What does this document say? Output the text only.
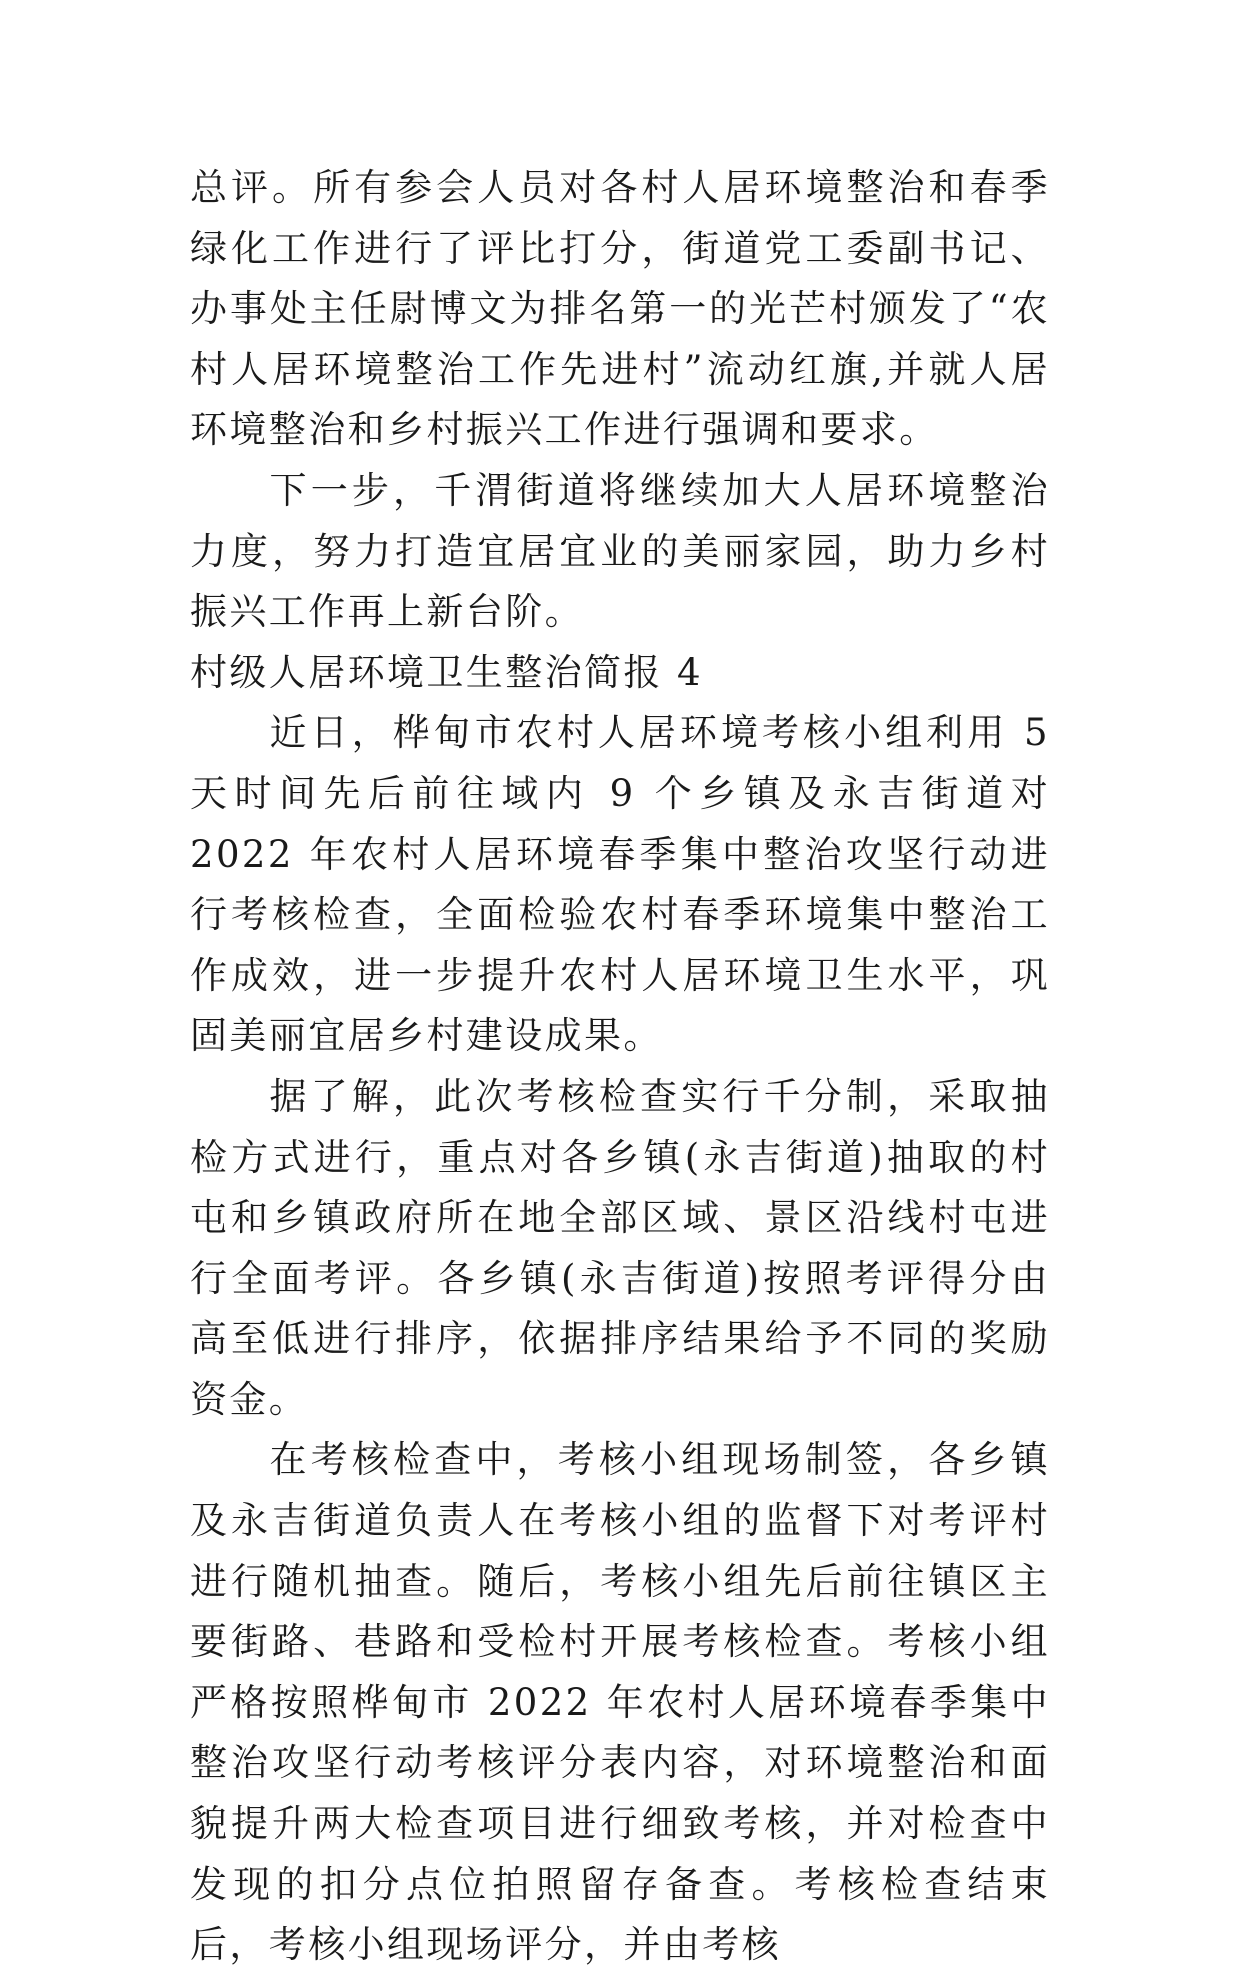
总评。所有参会人员对各村人居环境整治和春季绿化工作进行了评比打分，街道党工委副书记、办事处主任尉博文为排名第一的光芒村颁发了“农村人居环境整治工作先进村”流动红旗,并就人居环境整治和乡村振兴工作进行强调和要求。

下一步，千渭街道将继续加大人居环境整治力度，努力打造宜居宜业的美丽家园，助力乡村振兴工作再上新台阶。

村级人居环境卫生整治简报 4

近日，桦甸市农村人居环境考核小组利用 5 天时间先后前往域内 9 个乡镇及永吉街道对 2022 年农村人居环境春季集中整治攻坚行动进行考核检查，全面检验农村春季环境集中整治工作成效，进一步提升农村人居环境卫生水平，巩固美丽宜居乡村建设成果。

据了解，此次考核检查实行千分制，采取抽检方式进行，重点对各乡镇(永吉街道)抽取的村屯和乡镇政府所在地全部区域、景区沿线村屯进行全面考评。各乡镇(永吉街道)按照考评得分由高至低进行排序，依据排序结果给予不同的奖励资金。

在考核检查中，考核小组现场制签，各乡镇及永吉街道负责人在考核小组的监督下对考评村进行随机抽查。随后，考核小组先后前往镇区主要街路、巷路和受检村开展考核检查。考核小组严格按照桦甸市 2022 年农村人居环境春季集中整治攻坚行动考核评分表内容，对环境整治和面貌提升两大检查项目进行细致考核，并对检查中发现的扣分点位拍照留存备查。考核检查结束后，考核小组现场评分，并由考核
